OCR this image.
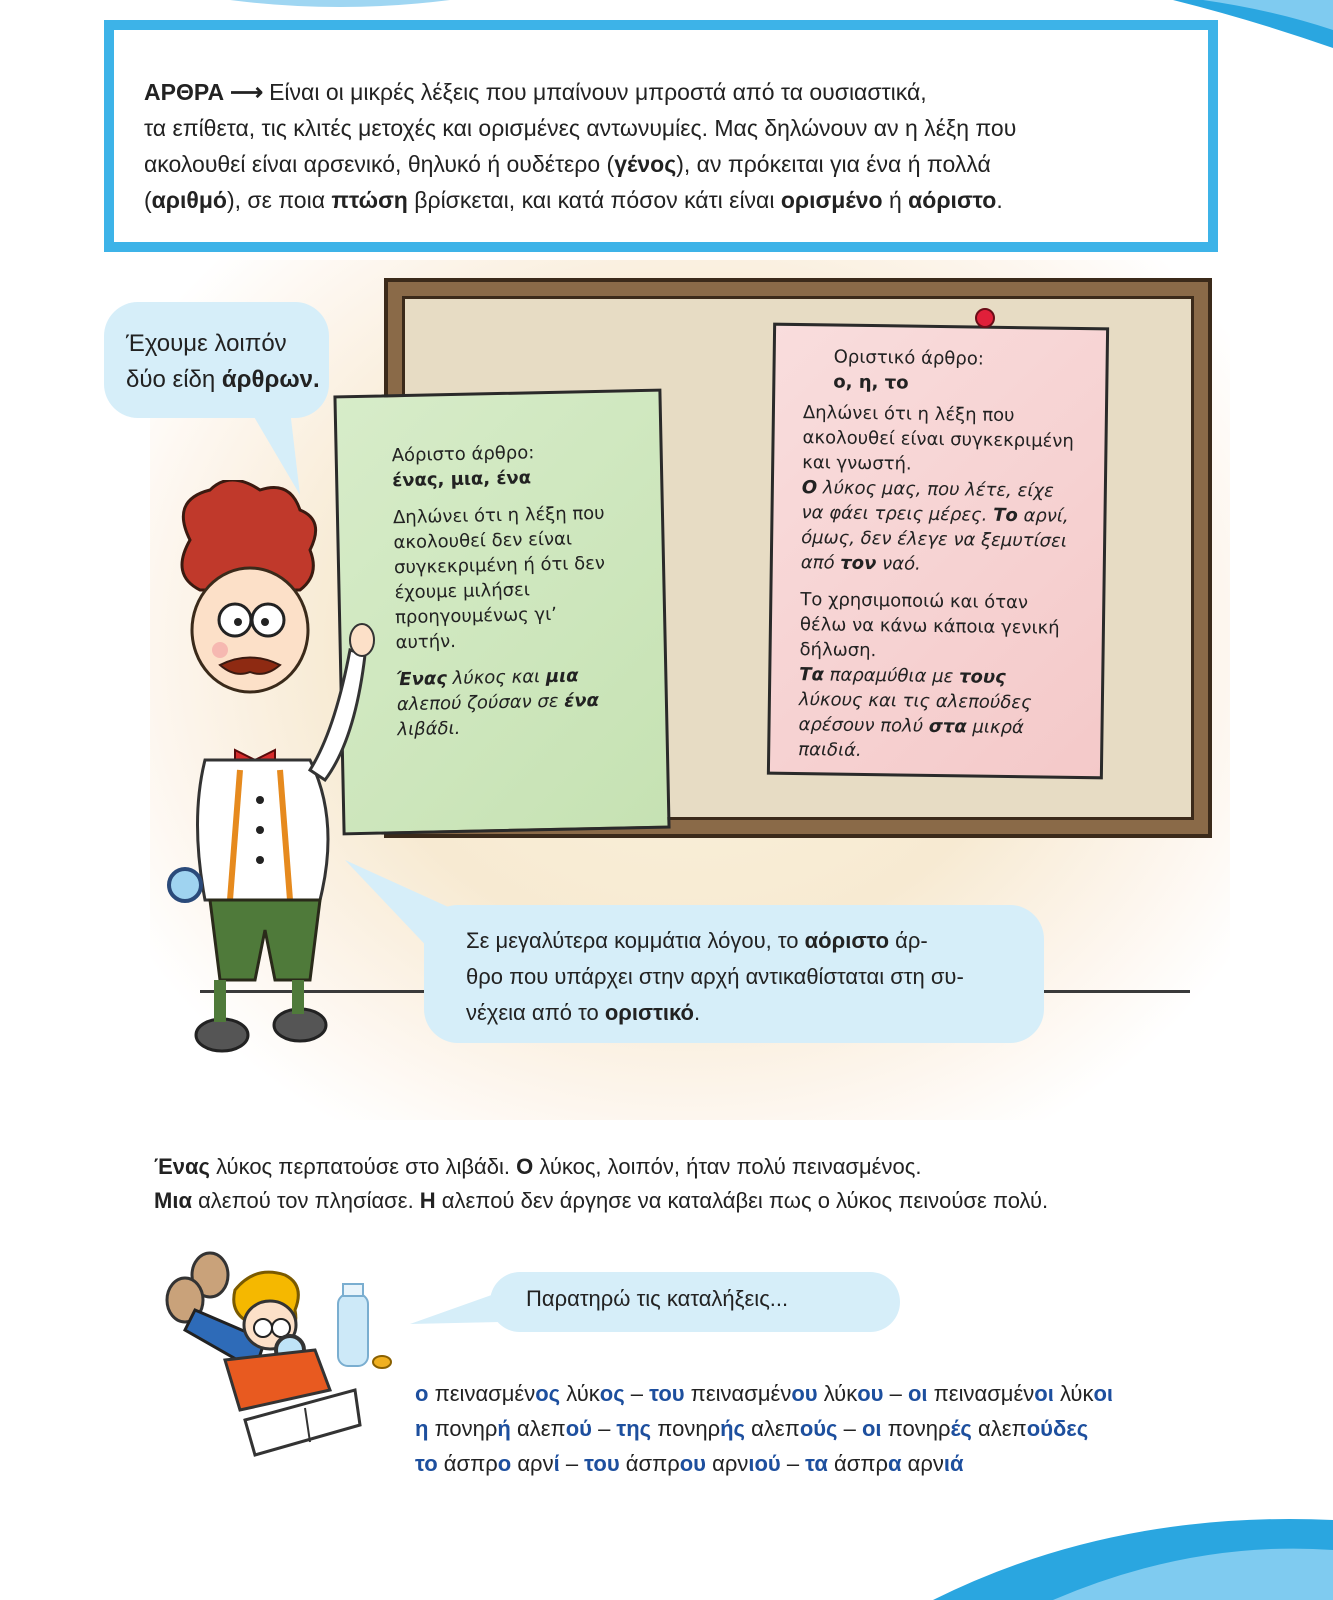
ΑΡΘΡΑ ⟶ Είναι οι μικρές λέξεις που μπαίνουν μπροστά από τα ουσιαστικά,
τα επίθετα, τις κλιτές μετοχές και ορισμένες αντωνυμίες. Μας δηλώνουν αν η λέξη που
ακολουθεί είναι αρσενικό, θηλυκό ή ουδέτερο (γένος), αν πρόκειται για ένα ή πολλά
(αριθμό), σε ποια πτώση βρίσκεται, και κατά πόσον κάτι είναι ορισμένο ή αόριστο.
Αόριστο άρθρο:
ένας, μια, ένα
Δηλώνει ότι η λέξη που
ακολουθεί δεν είναι
συγκεκριμένη ή ότι δεν
έχουμε μιλήσει
προηγουμένως γι’
αυτήν.
Ένας λύκος και μια
αλεπού ζούσαν σε ένα
λιβάδι.
Οριστικό άρθρο:
ο, η, το
Δηλώνει ότι η λέξη που
ακολουθεί είναι συγκεκριμένη
και γνωστή.
Ο λύκος μας, που λέτε, είχε
να φάει τρεις μέρες. Το αρνί,
όμως, δεν έλεγε να ξεμυτίσει
από τον ναό.
Το χρησιμοποιώ και όταν
θέλω να κάνω κάποια γενική
δήλωση.
Τα παραμύθια με τους
λύκους και τις αλεπούδες
αρέσουν πολύ στα μικρά
παιδιά.
Έχουμε λοιπόν
δύο είδη άρθρων.
Σε μεγαλύτερα κομμάτια λόγου, το αόριστο άρ-
θρο που υπάρχει στην αρχή αντικαθίσταται στη συ-
νέχεια από το οριστικό.
Ένας λύκος περπατούσε στο λιβάδι. Ο λύκος, λοιπόν, ήταν πολύ πεινασμένος.
Μια αλεπού τον πλησίασε. Η αλεπού δεν άργησε να καταλάβει πως ο λύκος πεινούσε πολύ.
Παρατηρώ τις καταλήξεις...
ο πεινασμένος λύκος – του πεινασμένου λύκου – οι πεινασμένοι λύκοι
η πονηρή αλεπού – της πονηρής αλεπούς – οι πονηρές αλεπούδες
το άσπρο αρνί – του άσπρου αρνιού – τα άσπρα αρνιά
